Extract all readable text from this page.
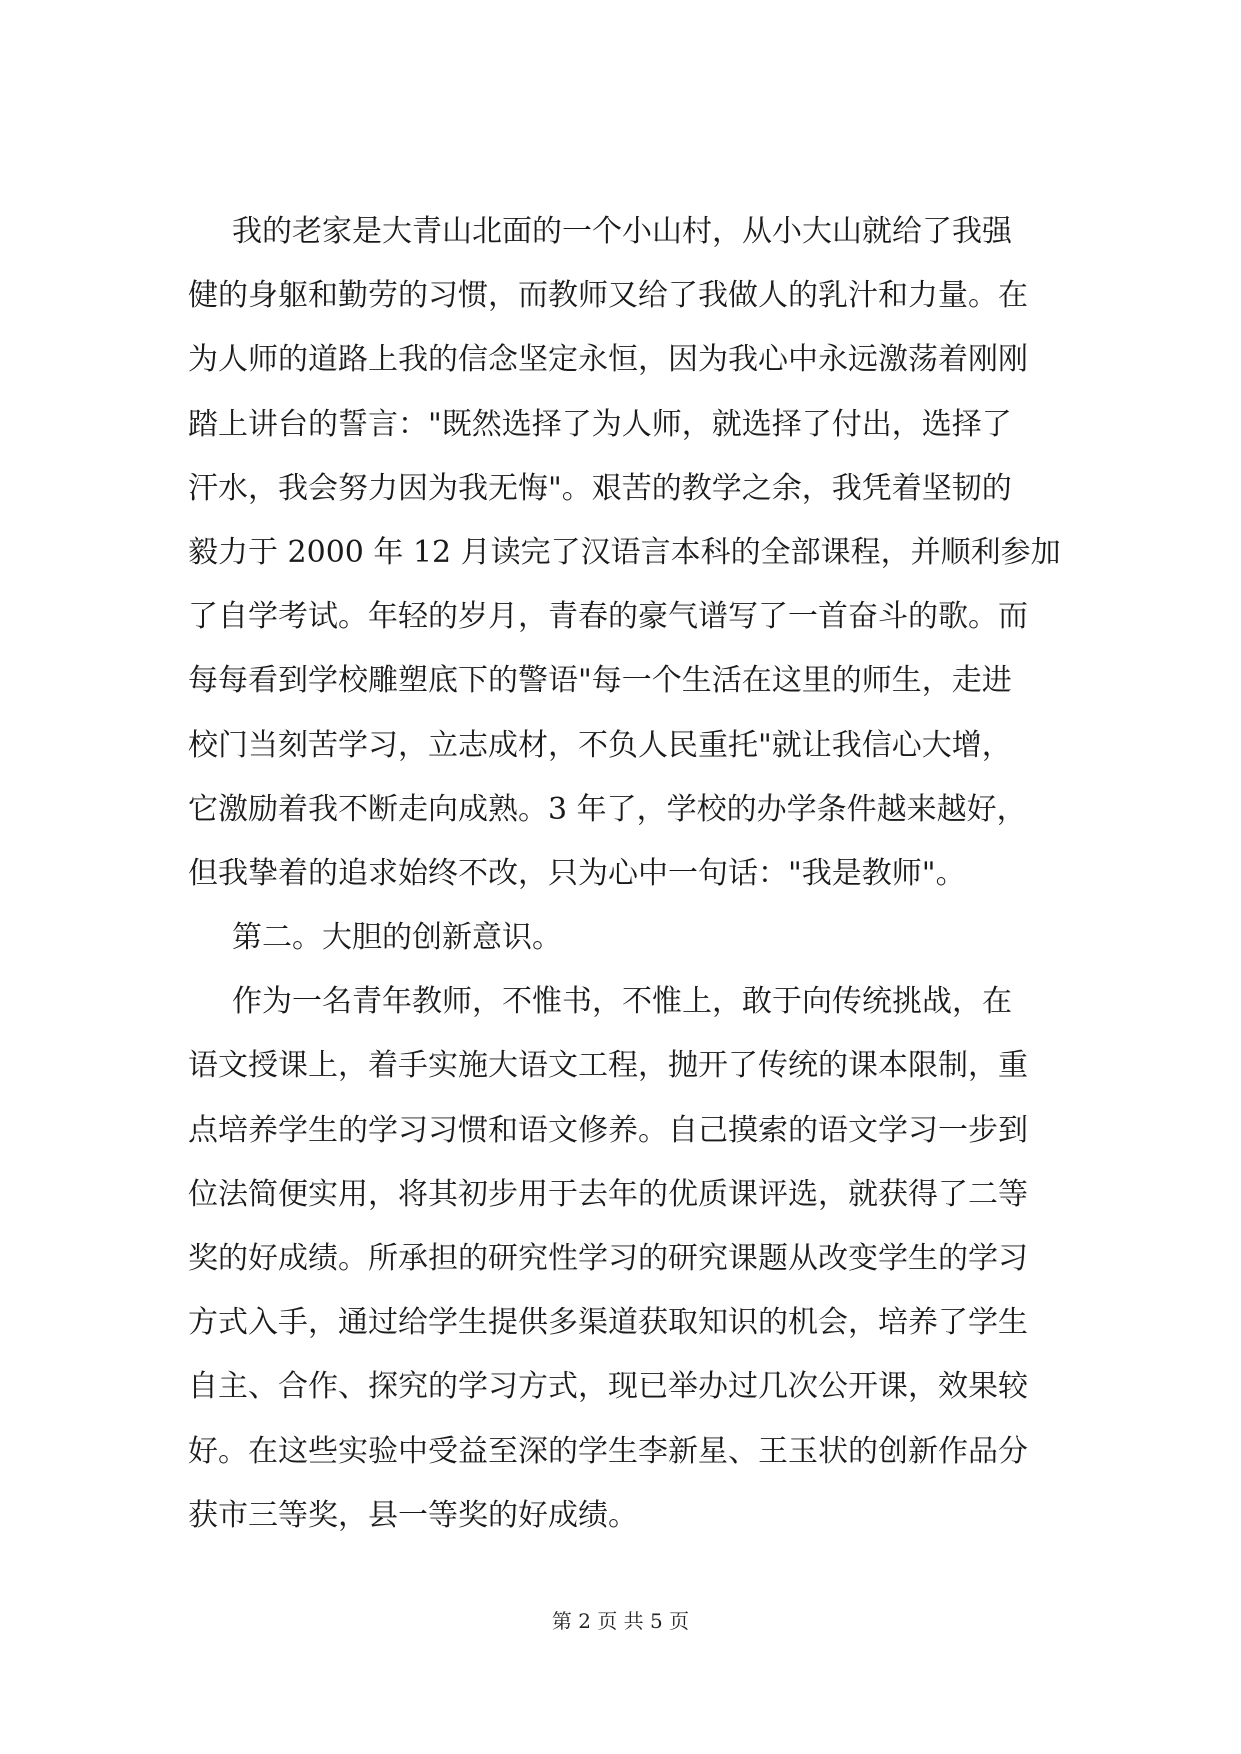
我的老家是大青山北面的一个小山村，从小大山就给了我强
健的身躯和勤劳的习惯，而教师又给了我做人的乳汁和力量。在
为人师的道路上我的信念坚定永恒，因为我心中永远激荡着刚刚
踏上讲台的誓言："既然选择了为人师，就选择了付出，选择了
汗水，我会努力因为我无悔"。艰苦的教学之余，我凭着坚韧的
毅力于 2000 年 12 月读完了汉语言本科的全部课程，并顺利参加
了自学考试。年轻的岁月，青春的豪气谱写了一首奋斗的歌。而
每每看到学校雕塑底下的警语"每一个生活在这里的师生，走进
校门当刻苦学习，立志成材，不负人民重托"就让我信心大增，
它激励着我不断走向成熟。3 年了，学校的办学条件越来越好，
但我挚着的追求始终不改，只为心中一句话："我是教师"。
第二。大胆的创新意识。
作为一名青年教师，不惟书，不惟上，敢于向传统挑战，在
语文授课上，着手实施大语文工程，抛开了传统的课本限制，重
点培养学生的学习习惯和语文修养。自己摸索的语文学习一步到
位法简便实用，将其初步用于去年的优质课评选，就获得了二等
奖的好成绩。所承担的研究性学习的研究课题从改变学生的学习
方式入手，通过给学生提供多渠道获取知识的机会，培养了学生
自主、合作、探究的学习方式，现已举办过几次公开课，效果较
好。在这些实验中受益至深的学生李新星、王玉状的创新作品分
获市三等奖，县一等奖的好成绩。
第 2 页 共 5 页
